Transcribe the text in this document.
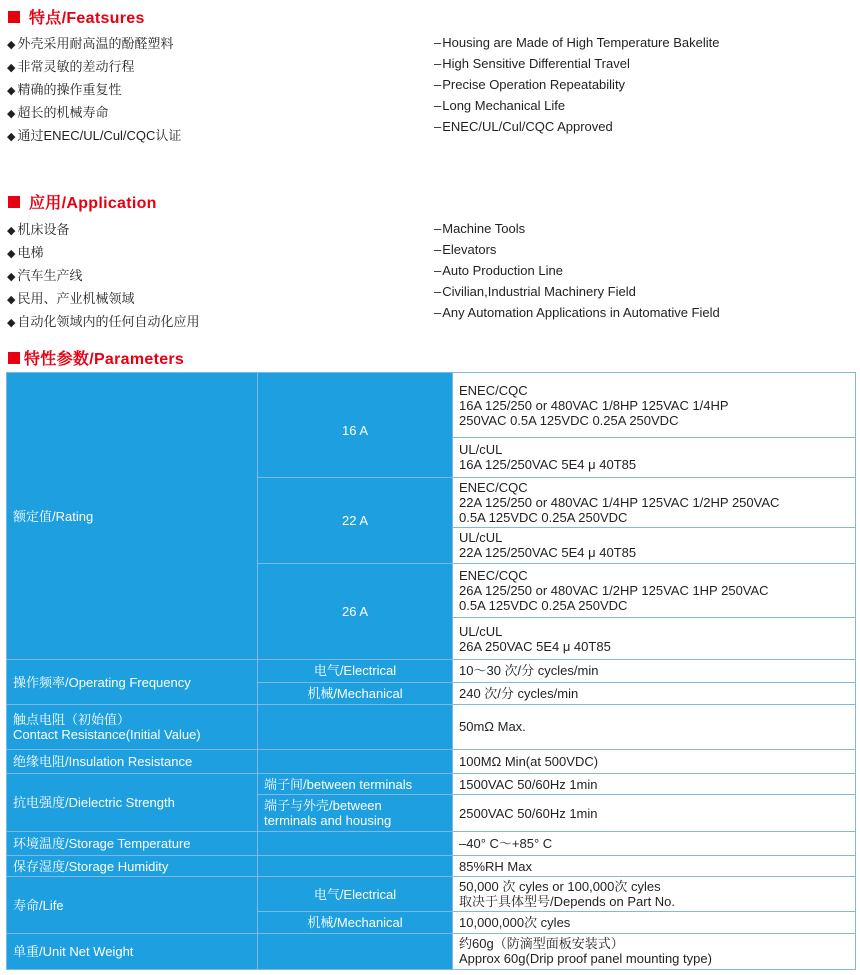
特点/Featsures
◆ 外壳采用耐高温的酚醛塑料
◆ 非常灵敏的差动行程
◆ 精确的操作重复性
◆ 超长的机械寿命
◆ 通过ENEC/UL/Cul/CQC认证
– Housing are Made of High Temperature Bakelite
– High Sensitive Differential Travel
– Precise Operation Repeatability
– Long Mechanical Life
– ENEC/UL/Cul/CQC Approved
应用/Application
◆ 机床设备
◆ 电梯
◆ 汽车生产线
◆ 民用、产业机械领域
◆ 自动化领域内的任何自动化应用
– Machine Tools
– Elevators
– Auto Production Line
– Civilian,Industrial Machinery Field
– Any Automation Applications in Automative Field
特性参数/Parameters
额定值/Rating	16 A	ENEC/CQC
16A 125/250 or 480VAC 1/8HP 125VAC 1/4HP
250VAC 0.5A 125VDC 0.25A 250VDC

		UL/cUL
16A 125/250VAC 5E4 μ 40T85

	22 A	ENEC/CQC
22A 125/250 or 480VAC 1/4HP 125VAC 1/2HP 250VAC
0.5A 125VDC 0.25A 250VDC

		UL/cUL
22A 125/250VAC 5E4 μ 40T85

	26 A	ENEC/CQC
26A 125/250 or 480VAC 1/2HP 125VAC 1HP 250VAC
0.5A 125VDC 0.25A 250VDC

		UL/cUL
26A 250VAC 5E4 μ 40T85

操作频率/Operating Frequency	电气/Electrical	10～30 次/分 cycles/min
	机械/Mechanical	240 次/分 cycles/min

触点电阻（初始值）
Contact Resistance(Initial Value)		50mΩ Max.
绝缘电阻/Insulation Resistance		100MΩ Min(at 500VDC)
抗电强度/Dielectric Strength	端子间/between terminals	1500VAC 50/60Hz 1min

	端子与外壳/between
terminals and housing	2500VAC 50/60Hz 1min
环境温度/Storage Temperature		–40° C～+85° C
保存湿度/Storage Humidity		85%RH Max
寿命/Life	电气/Electrical	50,000 次 cyles or 100,000次 cyles
取决于具体型号/Depends on Part No.

	机械/Mechanical	10,000,000次 cyles
单重/Unit Net Weight		约60g（防滴型面板安装式）
Approx 60g(Drip proof panel mounting type)
